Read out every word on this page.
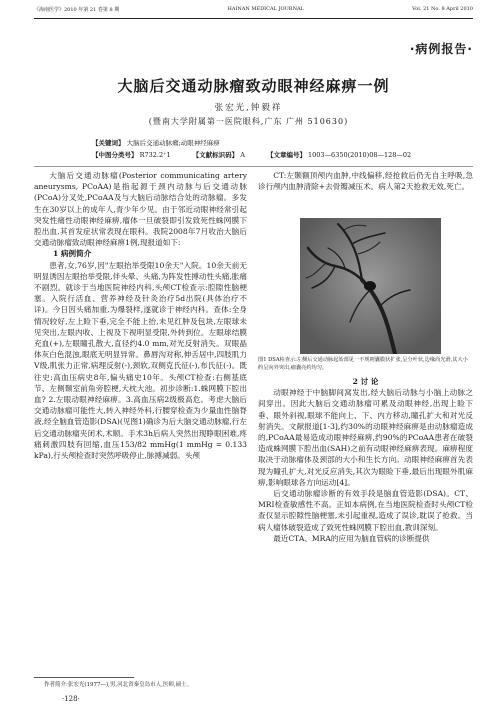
《海南医学》2010 年第 21 卷第 8 期	HAINAN MEDICAL JOURNAL	Vol. 21 No. 8 April 2010
·病例报告·
大脑后交通动脉瘤致动眼神经麻痹一例
张宏光,钟毅祥
(暨南大学附属第一医院眼科,广东 广州 510630)
【关键词】 大脑后交通动脉瘤;动眼神经麻痹
【中图分类号】 R732.2⁺1	【文献标识码】 A	【文章编号】 1003—6350(2010)08—128—02

大脑后交通动脉瘤(Posterior communicating artery aneurysms, PCoAA)是指起源于颈内动脉与后交通动脉(PCoA)分叉处,PCoAA及与大脑后动脉结合处的动脉瘤。多发生在30岁以上的成年人,青少年少见。由于邻近动眼神经常引起突发性痛性动眼神经麻痹,瘤体一旦破裂即引发致死性蛛网膜下腔出血,其首发症状常表现在眼科。我院2008年7月收治大脑后交通动脉瘤致动眼神经麻痹1例,现报道如下:

1 病例简介

患者,女,76岁,因"左眼抬举受限10余天"入院。10余天前无明显诱因左眼抬举受限,伴头晕、头痛,为阵发性搏动性头痛,胀痛不剧烈。就诊于当地医院神经内科,头颅CT检查示:腔隙性脑梗塞。入院行活血、营养神经及针灸治疗5d出院(具体治疗不详)。今日因头痛加重,为爆裂样,遂就诊于神经内科。查体:全身情况较好,左上睑下垂,完全不能上抬,未见红肿及包块,左眼球未见突出,左眼内收、上视及下视明显受限,外转到位。左眼球结膜充血(+),左眼瞳孔散大,直径约4.0 mm,对光反射消失。双眼晶体灰白色混浊,眼底无明显异常。鼻唇沟对称,伸舌居中,四肢肌力V级,肌张力正常,病理反射(-),颈软,双侧克氏征(-),布氏征(-)。既往史:高血压病史8年,偏头痛史10年。头颅CT检查:右侧基底节、左侧颞室前角旁腔梗,大枕大池。初步诊断:1.蛛网膜下腔出血? 2.左眼动眼神经麻痹。3.高血压病2级极高危。考虑大脑后交通动脉瘤可能性大,转入神经外科,行腰穿检查为少量血性脑脊液,经全脑血管造影(DSA)(见图1)确诊为后大脑交通动脉瘤,行左后交通动脉瘤夹闭术,术顺。手术3h后病人突然出现睁眼困难,疼痛刺激四肢有回缩,血压153/82 mmHg(1 mmHg = 0.133 kPa),行头颅检查时突然呼吸停止,脉搏减弱。头颅

CT:左颞额顶颅内血肿,中线偏移,经抢救后仍无自主呼吸,急诊行颅内血肿清除+去骨瓣减压术。病人第2天抢救无效,死亡。

图1 DSA检查示:左侧后交通动脉起始部见一不规则囊膜状扩张,呈分叶状,边缘尚光滑,其大小约呈向外突出,瘤囊亮约均匀。

2 讨 论

动眼神经于中脑脚间窝发出,经大脑后动脉与小脑上动脉之间穿出。因此大脑后交通动脉瘤可累及动眼神经,出现上睑下垂、眼外斜视,眼球不能向上、下、内方移动,瞳孔扩大和对光反射消失。文献报道[1-3],约30%的动眼神经麻痹是由动脉瘤造成的,PCoAA最易造成动眼神经麻痹,约90%的PCoAA患者在破裂造成蛛网膜下腔出血(SAH)之前有动眼神经麻痹表现。麻痹程度取决于动脉瘤体及颈部的大小和生长方向。动眼神经麻痹首先表现为瞳孔扩大,对光反应消失,其次为眼睑下垂,最后出现眼外肌麻痹,影响眼球各方向运动[4]。

后交通动脉瘤诊断的有效手段是脑血管造影(DSA)。CT、MRI检查敏感性不高。正如本病例,在当地医院检查时头颅CT检查仅显示腔隙性脑梗塞,未引起重视,造成了误诊,耽误了抢救。当病人瘤体破裂造成了致死性蛛网膜下腔出血,教训深刻。

最近CTA、MRA的应用为脑血管病的诊断提供

作者简介:张宏光(1977—),男,河北省秦皇岛市人,医师,硕士。
·128·
